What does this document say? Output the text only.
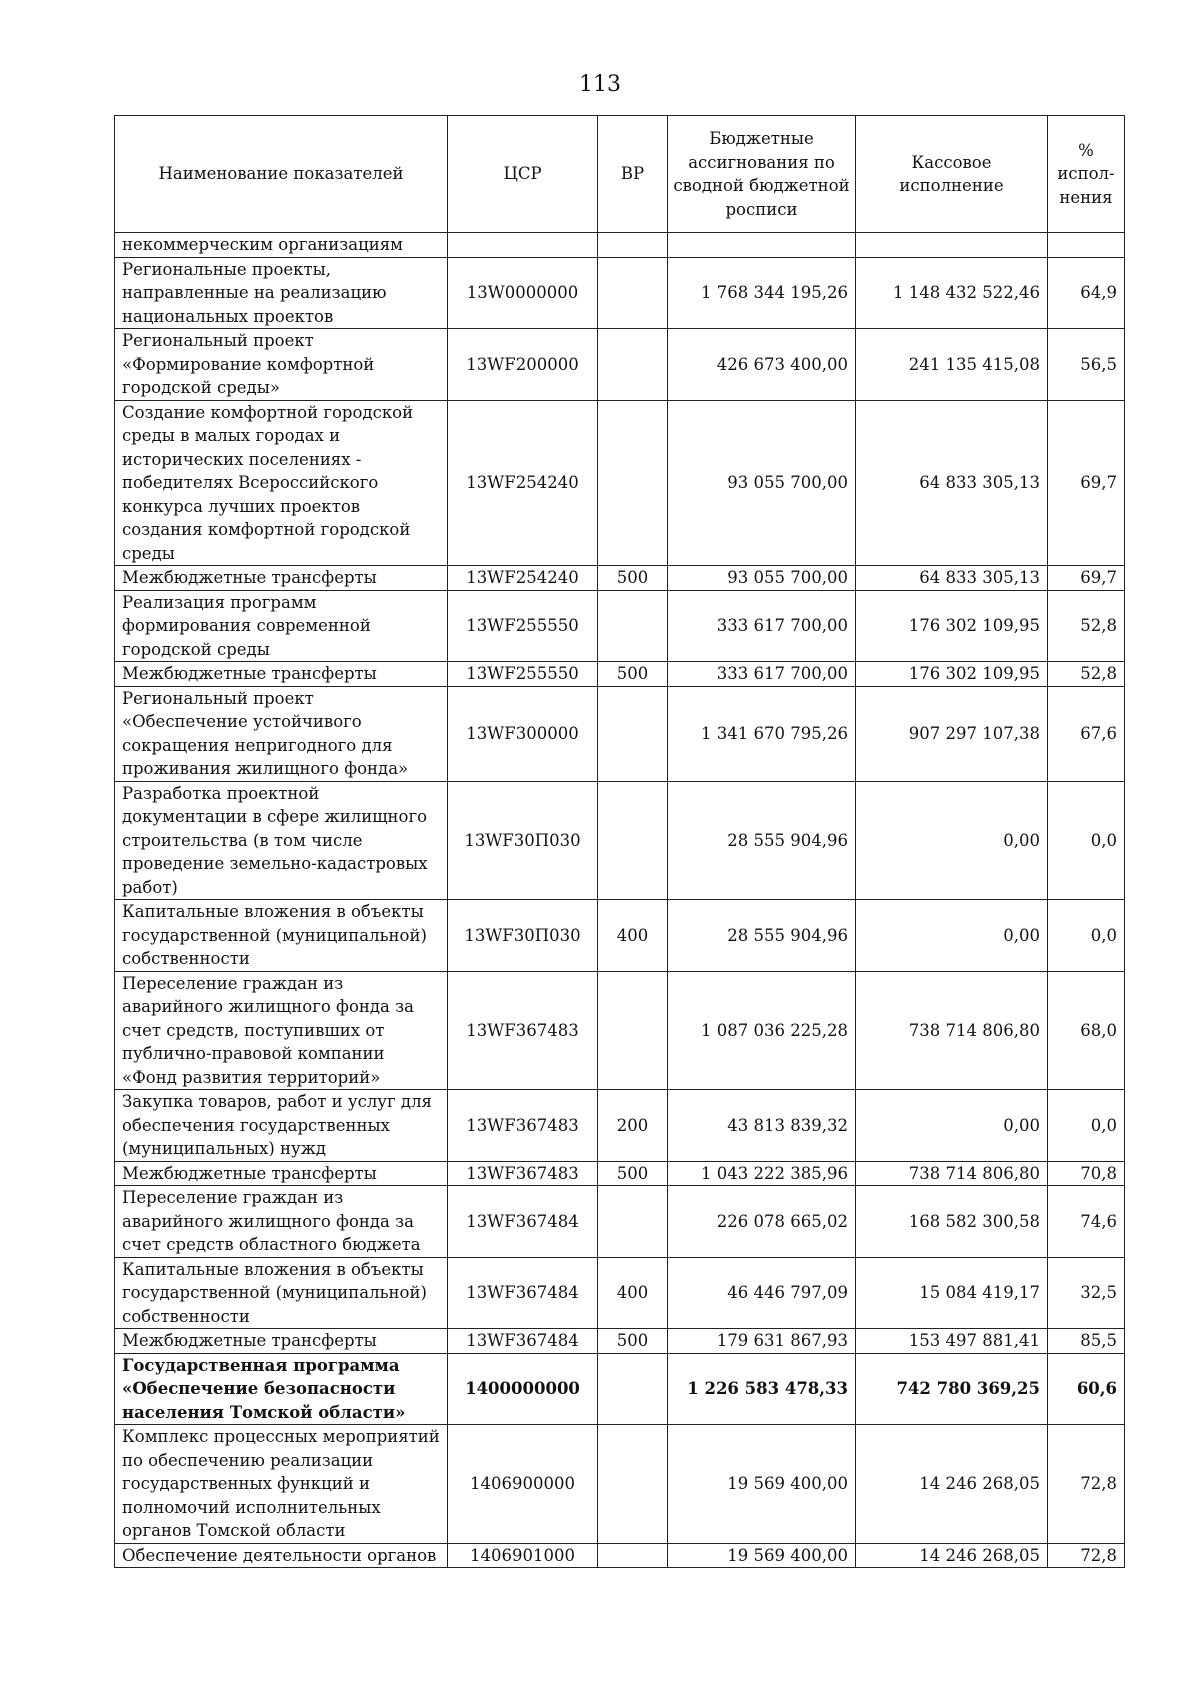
113
Наименование показателей	ЦСР	ВР	Бюджетные ассигнования по сводной бюджетной росписи	Кассовое исполнение	% испол-нения
некоммерческим организациям					
Региональные проекты, направленные на реализацию национальных проектов	13W0000000		1 768 344 195,26	1 148 432 522,46	64,9
Региональный проект «Формирование комфортной городской среды»	13WF200000		426 673 400,00	241 135 415,08	56,5
Создание комфортной городской среды в малых городах и исторических поселениях - победителях Всероссийского конкурса лучших проектов создания комфортной городской среды	13WF254240		93 055 700,00	64 833 305,13	69,7
Межбюджетные трансферты	13WF254240	500	93 055 700,00	64 833 305,13	69,7
Реализация программ формирования современной городской среды	13WF255550		333 617 700,00	176 302 109,95	52,8
Межбюджетные трансферты	13WF255550	500	333 617 700,00	176 302 109,95	52,8
Региональный проект «Обеспечение устойчивого сокращения непригодного для проживания жилищного фонда»	13WF300000		1 341 670 795,26	907 297 107,38	67,6
Разработка проектной документации в сфере жилищного строительства (в том числе проведение земельно-кадастровых работ)	13WF30П030		28 555 904,96	0,00	0,0
Капитальные вложения в объекты государственной (муниципальной) собственности	13WF30П030	400	28 555 904,96	0,00	0,0
Переселение граждан из аварийного жилищного фонда за счет средств, поступивших от публично-правовой компании «Фонд развития территорий»	13WF367483		1 087 036 225,28	738 714 806,80	68,0
Закупка товаров, работ и услуг для обеспечения государственных (муниципальных) нужд	13WF367483	200	43 813 839,32	0,00	0,0
Межбюджетные трансферты	13WF367483	500	1 043 222 385,96	738 714 806,80	70,8
Переселение граждан из аварийного жилищного фонда за счет средств областного бюджета	13WF367484		226 078 665,02	168 582 300,58	74,6
Капитальные вложения в объекты государственной (муниципальной) собственности	13WF367484	400	46 446 797,09	15 084 419,17	32,5
Межбюджетные трансферты	13WF367484	500	179 631 867,93	153 497 881,41	85,5
Государственная программа «Обеспечение безопасности населения Томской области»	1400000000		1 226 583 478,33	742 780 369,25	60,6
Комплекс процессных мероприятий по обеспечению реализации государственных функций и полномочий исполнительных органов Томской области	1406900000		19 569 400,00	14 246 268,05	72,8
Обеспечение деятельности органов	1406901000		19 569 400,00	14 246 268,05	72,8
